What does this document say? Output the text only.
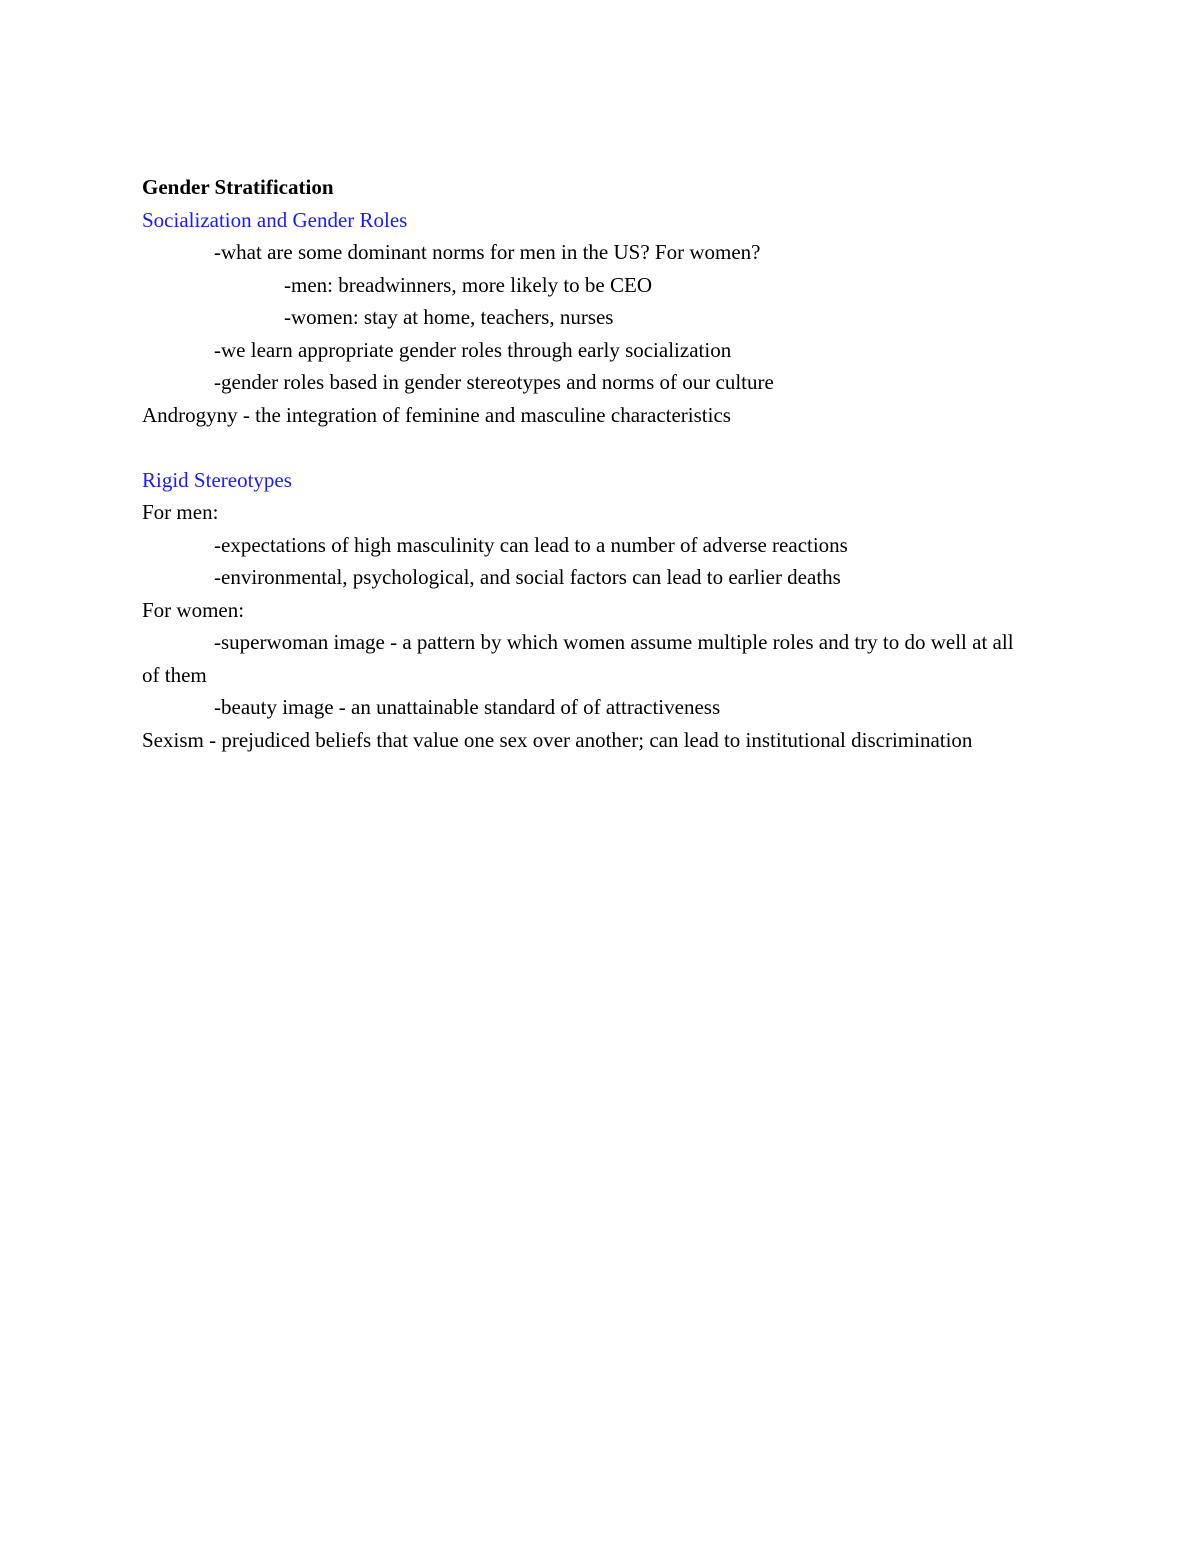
Gender Stratification

Socialization and Gender Roles

-what are some dominant norms for men in the US? For women?

-men: breadwinners, more likely to be CEO

-women: stay at home, teachers, nurses

-we learn appropriate gender roles through early socialization

-gender roles based in gender stereotypes and norms of our culture

Androgyny - the integration of feminine and masculine characteristics

Rigid Stereotypes

For men:

-expectations of high masculinity can lead to a number of adverse reactions

-environmental, psychological, and social factors can lead to earlier deaths

For women:

-superwoman image - a pattern by which women assume multiple roles and try to do well at all of them

-beauty image - an unattainable standard of of attractiveness

Sexism - prejudiced beliefs that value one sex over another; can lead to institutional discrimination
